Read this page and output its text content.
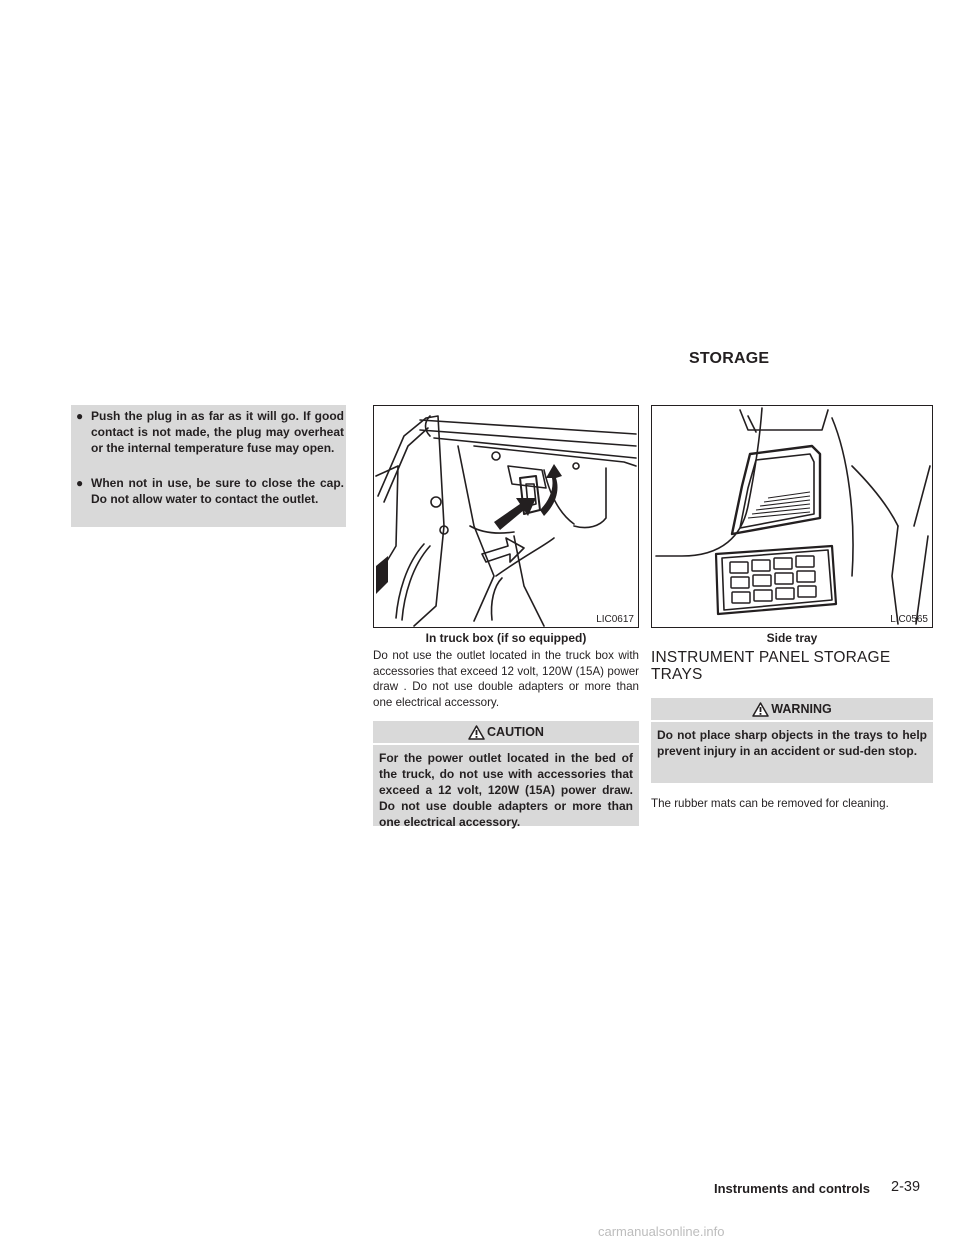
STORAGE
● Push the plug in as far as it will go. If good contact is not made, the plug may overheat or the internal temperature fuse may open.
● When not in use, be sure to close the cap. Do not allow water to contact the outlet.
LIC0617
In truck box (if so equipped)
Do not use the outlet located in the truck box with accessories that exceed 12 volt, 120W (15A) power draw . Do not use double adapters or more than one electrical accessory.
CAUTION
For the power outlet located in the bed of the truck, do not use with accessories that exceed a 12 volt, 120W (15A) power draw. Do not use double adapters or more than one electrical accessory.
LIC0565
Side tray
INSTRUMENT PANEL STORAGE TRAYS
WARNING
Do not place sharp objects in the trays to help prevent injury in an accident or sud-den stop.
The rubber mats can be removed for cleaning.
Instruments and controls 2-39
carmanualsonline.info
